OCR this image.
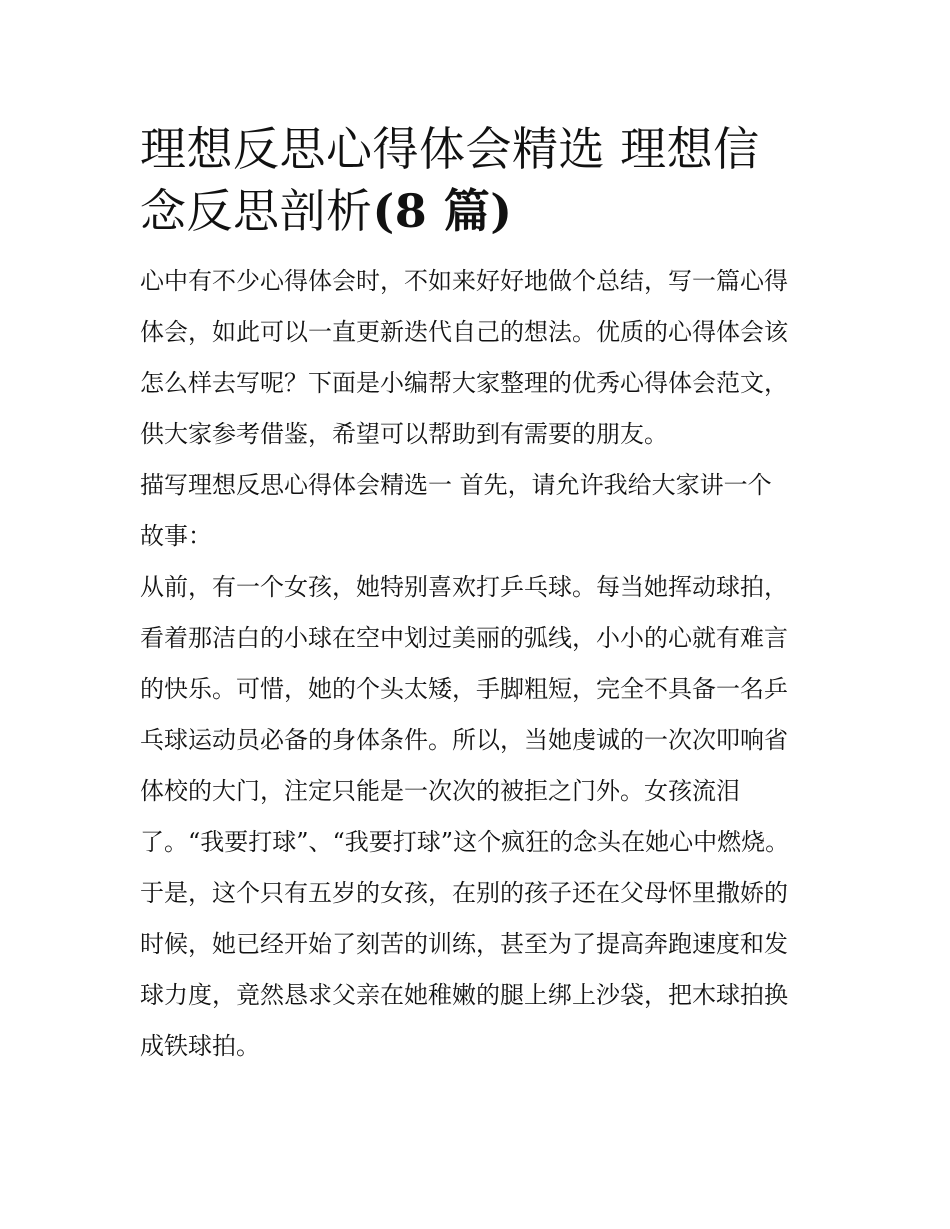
理想反思心得体会精选 理想信
念反思剖析(8 篇)
心中有不少心得体会时，不如来好好地做个总结，写一篇心得
体会，如此可以一直更新迭代自己的想法。优质的心得体会该
怎么样去写呢？下面是小编帮大家整理的优秀心得体会范文，
供大家参考借鉴，希望可以帮助到有需要的朋友。
描写理想反思心得体会精选一 首先，请允许我给大家讲一个
故事：
从前，有一个女孩，她特别喜欢打乒乓球。每当她挥动球拍，
看着那洁白的小球在空中划过美丽的弧线，小小的心就有难言
的快乐。可惜，她的个头太矮，手脚粗短，完全不具备一名乒
乓球运动员必备的身体条件。所以，当她虔诚的一次次叩响省
体校的大门，注定只能是一次次的被拒之门外。女孩流泪
了。“我要打球”、“我要打球”这个疯狂的念头在她心中燃烧。
于是，这个只有五岁的女孩，在别的孩子还在父母怀里撒娇的
时候，她已经开始了刻苦的训练，甚至为了提高奔跑速度和发
球力度，竟然恳求父亲在她稚嫩的腿上绑上沙袋，把木球拍换
成铁球拍。
